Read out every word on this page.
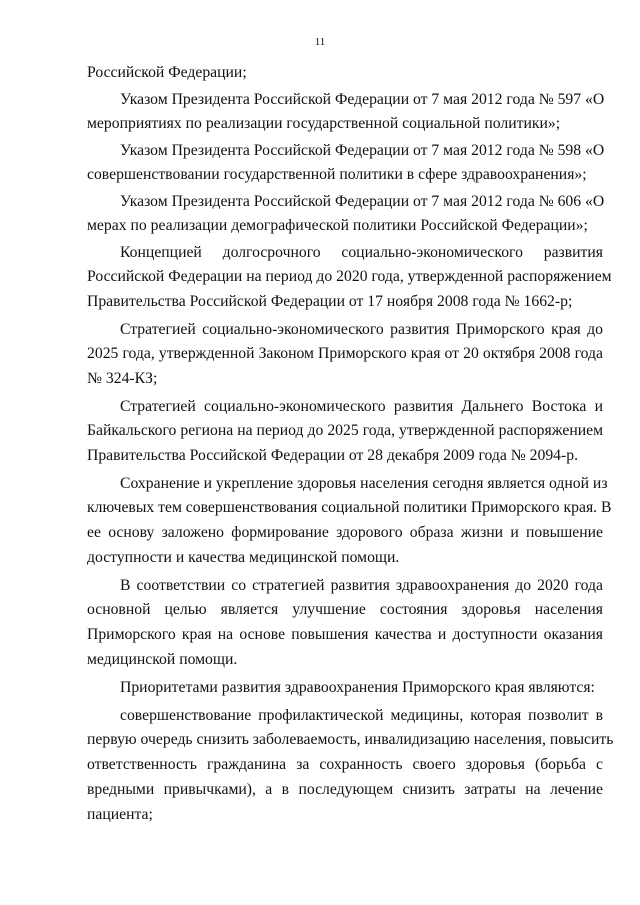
11
Российской Федерации;
Указом Президента Российской Федерации от 7 мая 2012 года № 597 «О
мероприятиях по реализации государственной социальной политики»;
Указом Президента Российской Федерации от 7 мая 2012 года № 598 «О
совершенствовании государственной политики в сфере здравоохранения»;
Указом Президента Российской Федерации от 7 мая 2012 года № 606 «О
мерах по реализации демографической политики Российской Федерации»;
Концепцией долгосрочного социально-экономического развития
Российской Федерации на период до 2020 года, утвержденной распоряжением
Правительства Российской Федерации от 17 ноября 2008 года № 1662-р;
Стратегией социально-экономического развития Приморского края до
2025 года, утвержденной Законом Приморского края от 20 октября 2008 года
№ 324-КЗ;
Стратегией социально-экономического развития Дальнего Востока и
Байкальского региона на период до 2025 года, утвержденной распоряжением
Правительства Российской Федерации от 28 декабря 2009 года № 2094-р.
Сохранение и укрепление здоровья населения сегодня является одной из
ключевых тем совершенствования социальной политики Приморского края. В
ее основу заложено формирование здорового образа жизни и повышение
доступности и качества медицинской помощи.
В соответствии со стратегией развития здравоохранения до 2020 года
основной целью является улучшение состояния здоровья населения
Приморского края на основе повышения качества и доступности оказания
медицинской помощи.
Приоритетами развития здравоохранения Приморского края являются:
совершенствование профилактической медицины, которая позволит в
первую очередь снизить заболеваемость, инвалидизацию населения, повысить
ответственность гражданина за сохранность своего здоровья (борьба с
вредными привычками), а в последующем снизить затраты на лечение
пациента;
